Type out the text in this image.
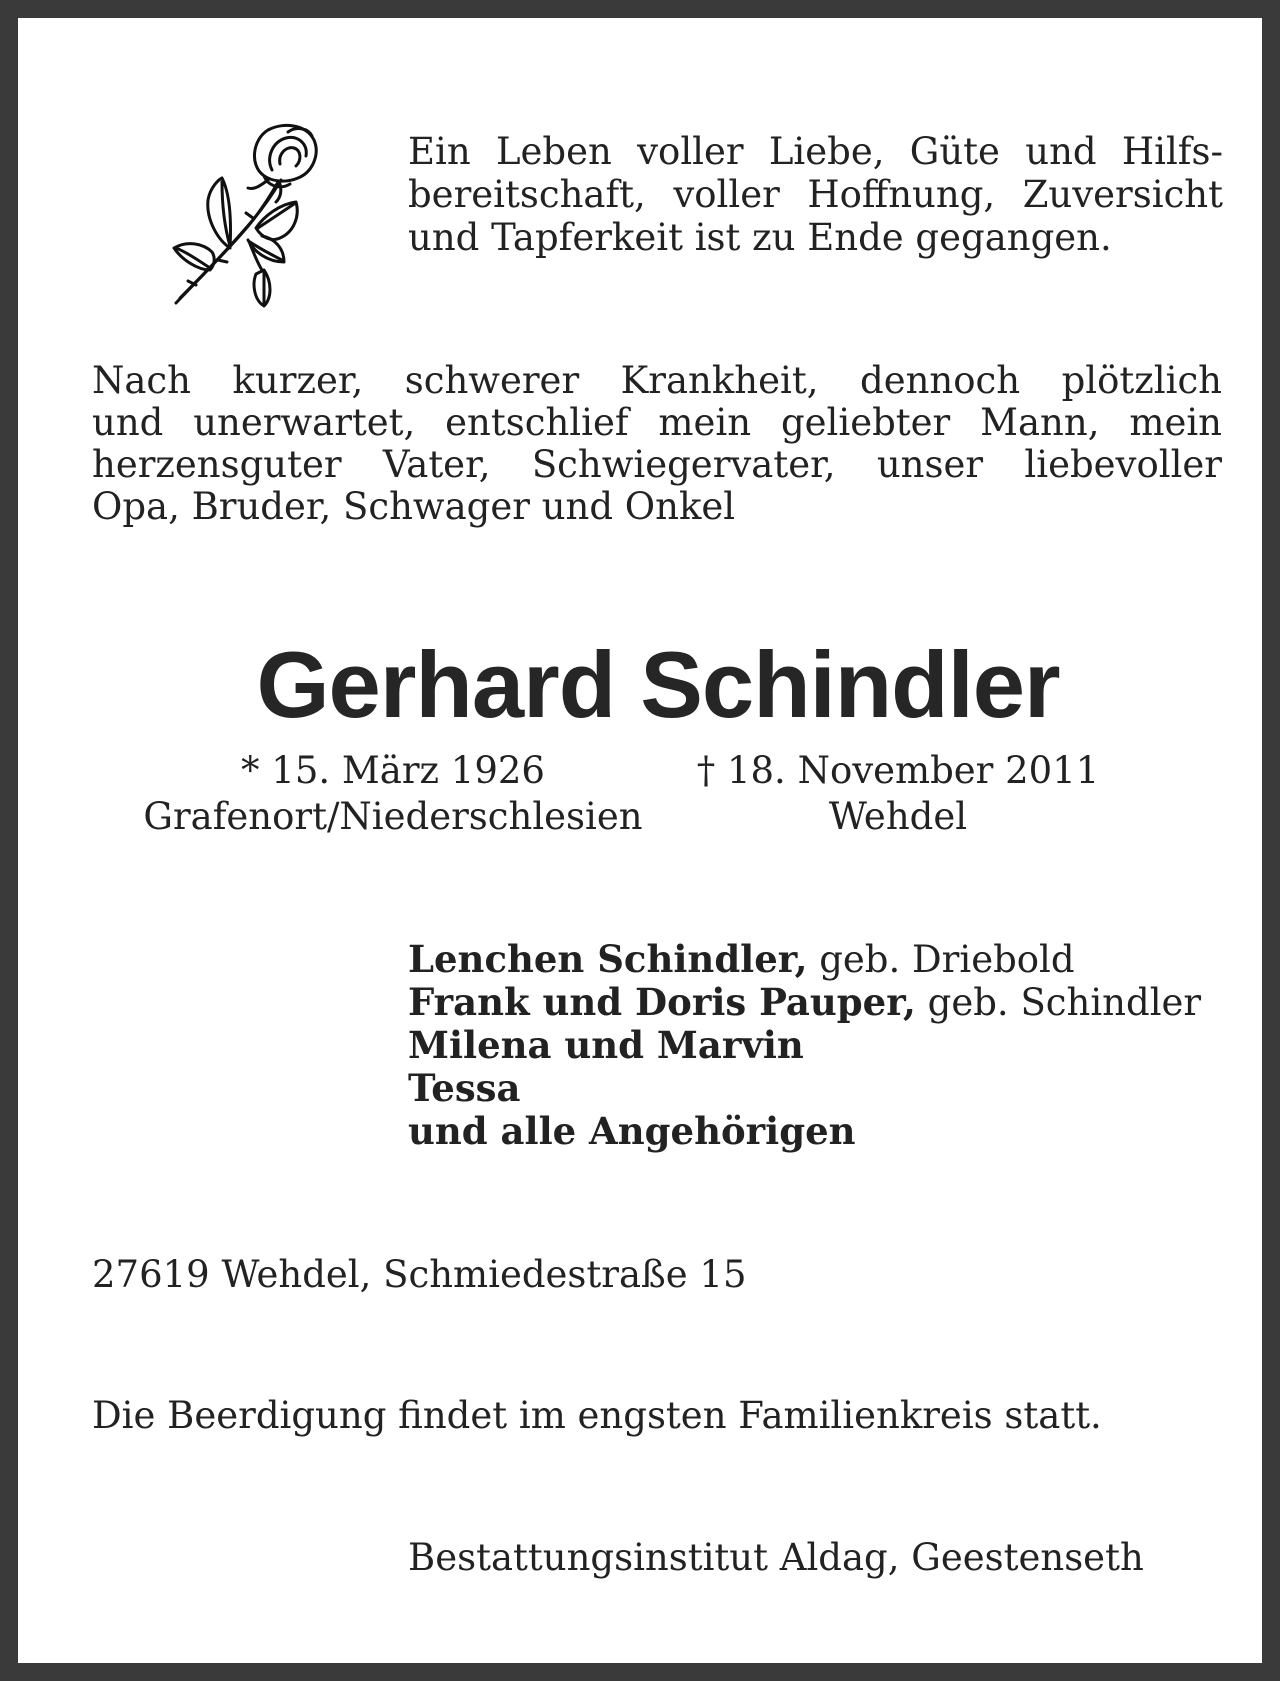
Ein Leben voller Liebe, Güte und Hilfs-
bereitschaft, voller Hoffnung, Zuversicht
und Tapferkeit ist zu Ende gegangen.
Nach kurzer, schwerer Krankheit, dennoch plötzlich
und unerwartet, entschlief mein geliebter Mann, mein
herzensguter Vater, Schwiegervater, unser liebevoller
Opa, Bruder, Schwager und Onkel
Gerhard Schindler
* 15. März 1926
Grafenort/Niederschlesien
† 18. November 2011
Wehdel
Lenchen Schindler, geb. Driebold
Frank und Doris Pauper, geb. Schindler
Milena und Marvin
Tessa
und alle Angehörigen
27619 Wehdel, Schmiedestraße 15
Die Beerdigung findet im engsten Familienkreis statt.
Bestattungsinstitut Aldag, Geestenseth
